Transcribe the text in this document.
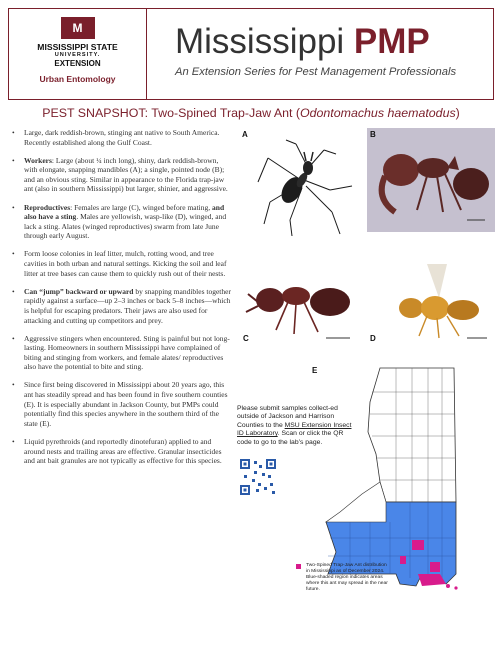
M
MISSISSIPPI STATE
UNIVERSITY.
EXTENSION
Urban Entomology
Mississippi PMP
An Extension Series for Pest Management Professionals
PEST SNAPSHOT: Two-Spined Trap-Jaw Ant (Odontomachus haematodus)
• Large, dark reddish-brown, stinging ant native to South America. Recently established along the Gulf Coast.
• Workers: Large (about ¼ inch long), shiny, dark reddish-brown, with elongate, snapping mandibles (A); a single, pointed node (B); and an obvious sting. Similar in appearance to the Florida trap-jaw ant (also in southern Mississippi) but larger, shinier, and aggressive.
• Reproductives: Females are large (C), winged before mating, and also have a sting. Males are yellowish, wasp-like (D), winged, and lack a sting. Alates (winged reproductives) swarm from late June through early August.
• Form loose colonies in leaf litter, mulch, rotting wood, and tree cavities in both urban and natural settings. Kicking the soil and leaf litter at tree bases can cause them to quickly rush out of their nests.
• Can “jump” backward or upward by snapping mandibles together rapidly against a surface—up 2–3 inches or back 5–8 inches—which is helpful for escaping predators. Their jaws are also used for attacking and cutting up competitors and prey.
• Aggressive stingers when encountered. Sting is painful but not long-lasting. Homeowners in southern Mississippi have complained of biting and stinging from workers, and female alates/ reproductives also have the potential to bite and sting.
• Since first being discovered in Mississippi about 20 years ago, this ant has steadily spread and has been found in five southern counties (E). It is especially abundant in Jackson County, but PMPs could potentially find this species anywhere in the southern third of the state (E).
• Liquid pyrethroids (and reportedly dinotefuran) applied to and around nests and trailing areas are effective. Granular insecticides and ant bait granules are not typically as effective for this species.
A	B
C	D
E
Please submit samples collect-ed outside of Jackson and Harrison Counties to the MSU Extension Insect ID Laboratory. Scan or click the QR code to go to the lab’s page.
Two-Spined Trap-Jaw Ant distribution in Mississippi as of December 2024. Blue-shaded region indicates areas where this ant may spread in the near future.
